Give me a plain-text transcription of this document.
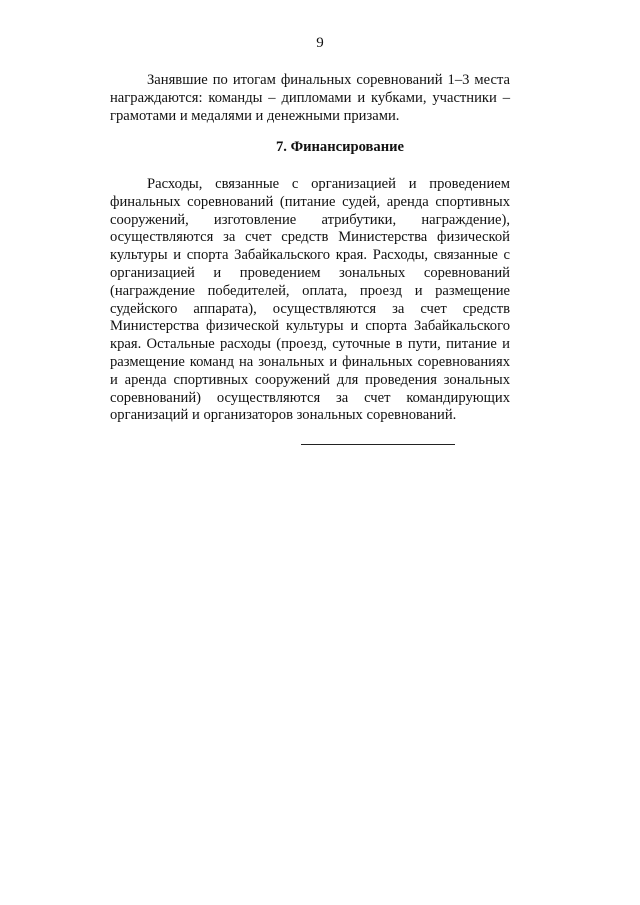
9

Занявшие по итогам финальных соревнований 1–3 места награждаются: команды – дипломами и кубками, участники – грамотами и медалями и денежными призами.

7. Финансирование

Расходы, связанные с организацией и проведением финальных соревнований (питание судей, аренда спортивных сооружений, изготовление атрибутики, награждение), осуществляются за счет средств Министерства физической культуры и спорта Забайкальского края. Расходы, связанные с организацией и проведением зональных соревнований (награждение победителей, оплата, проезд и размещение судейского аппарата), осуществляются за счет средств Министерства физической культуры и спорта Забайкальского края. Остальные расходы (проезд, суточные в пути, питание и размещение команд на зональных и финальных соревнованиях и аренда спортивных сооружений для проведения зональных соревнований) осуществляются за счет командирующих организаций и организаторов зональных соревнований.
